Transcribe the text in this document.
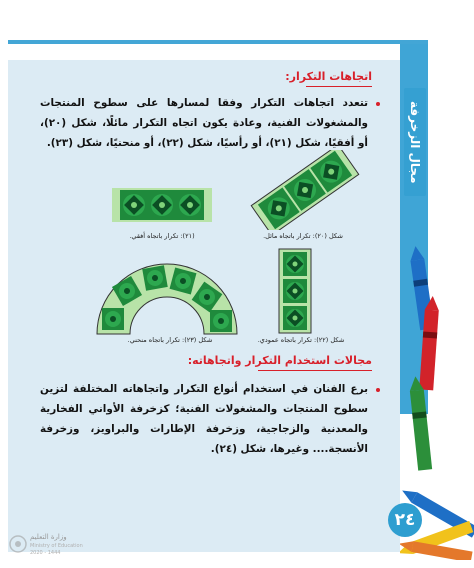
مجال الزخرفة
اتجاهات التكرار:
تتعدد اتجاهات التكرار وفقا لمسارها على سطوح المنتجات والمشغولات الفنية، وعادة يكون اتجاه التكرار مائلًا، شكل (٢٠)، أو أفقيًا، شكل (٢١)، أو رأسيًا، شكل (٢٢)، أو منحنيًا، شكل (٢٣).
(٢١): تكرار باتجاه أفقي.	شكل (٢٠): تكرار باتجاه مائل.
شكل (٢٣): تكرار باتجاه منحني.	شكل (٢٢): تكرار باتجاه عمودي.
مجالات استخدام التكرار واتجاهاته:
برع الفنان في استخدام أنواع التكرار واتجاهاته المختلفة لتزين سطوح المنتجات والمشغولات الفنية؛ كزخرفة الأواني الفخارية والمعدنية والزجاجية، وزخرفة الإطارات والبراويز، وزخرفة الأنسجة.... وغيرها، شكل (٢٤).
٢٤
وزارة التعليم
Ministry of Education
2020 - 1444
